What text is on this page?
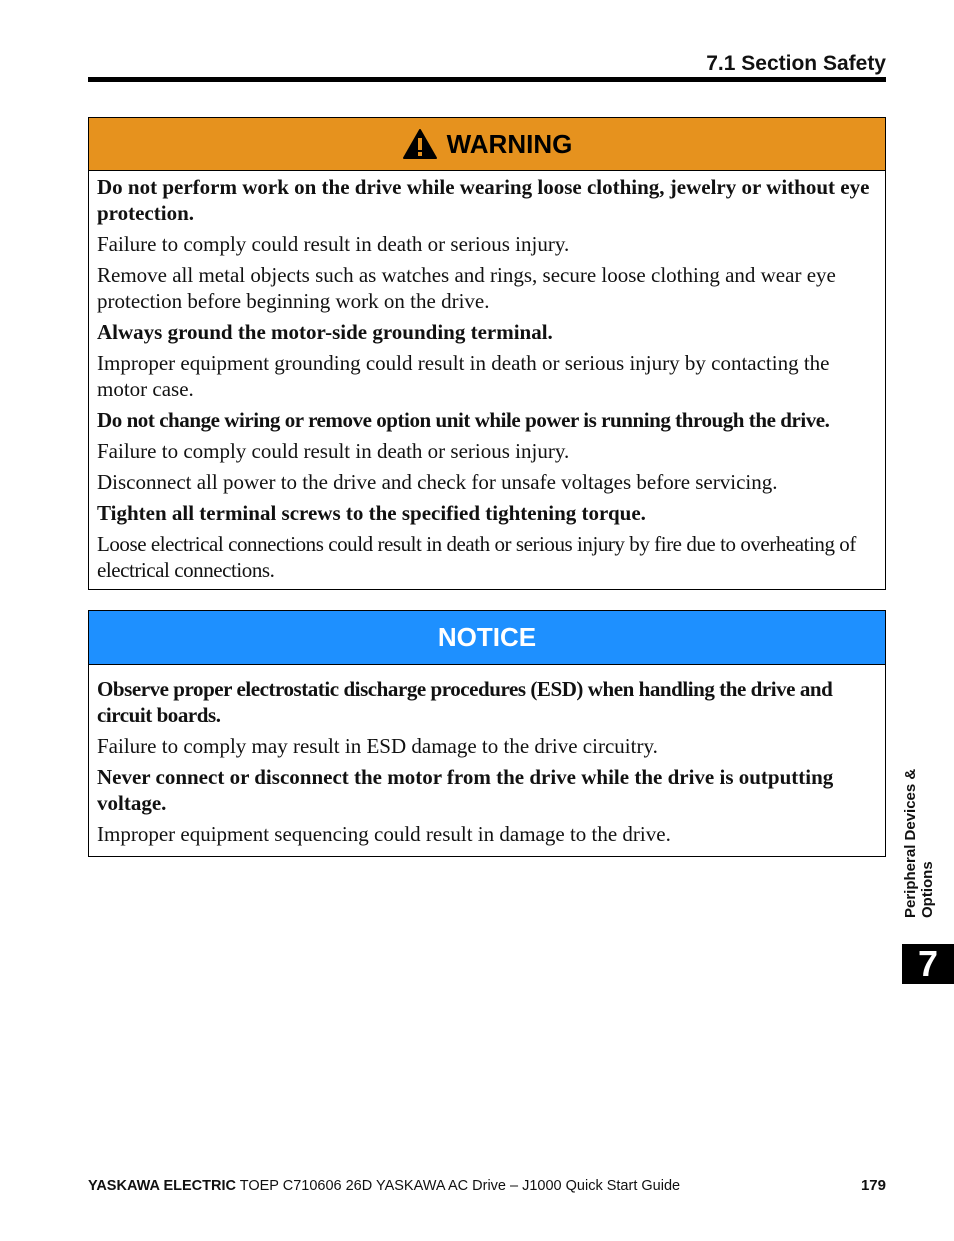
7.1 Section Safety
WARNING

Do not perform work on the drive while wearing loose clothing, jewelry or without eye protection.

Failure to comply could result in death or serious injury.

Remove all metal objects such as watches and rings, secure loose clothing and wear eye protection before beginning work on the drive.

Always ground the motor-side grounding terminal.

Improper equipment grounding could result in death or serious injury by contacting the motor case.

Do not change wiring or remove option unit while power is running through the drive.

Failure to comply could result in death or serious injury.

Disconnect all power to the drive and check for unsafe voltages before servicing.

Tighten all terminal screws to the specified tightening torque.

Loose electrical connections could result in death or serious injury by fire due to overheating of electrical connections.

NOTICE

Observe proper electrostatic discharge procedures (ESD) when handling the drive and circuit boards.

Failure to comply may result in ESD damage to the drive circuitry.

Never connect or disconnect the motor from the drive while the drive is outputting voltage.

Improper equipment sequencing could result in damage to the drive.	Peripheral Devices & Options
7
YASKAWA ELECTRIC TOEP C710606 26D YASKAWA AC Drive – J1000 Quick Start Guide	179
